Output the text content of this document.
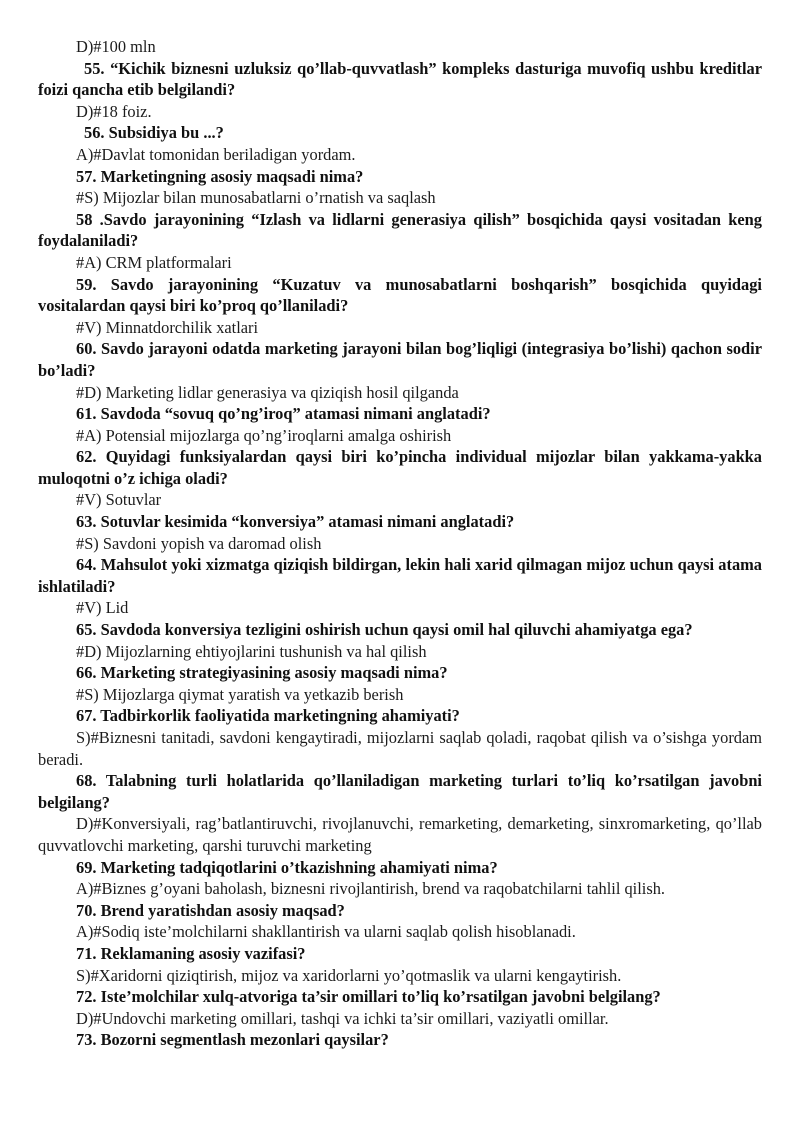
D)#100 mln
55. “Kichik biznesni uzluksiz qo’llab-quvvatlash” kompleks dasturiga muvofiq ushbu kreditlar foizi qancha etib belgilandi?
D)#18 foiz.
56. Subsidiya bu ...?
A)#Davlat tomonidan beriladigan yordam.
57. Marketingning asosiy maqsadi nima?
#S) Mijozlar bilan munosabatlarni o’rnatish va saqlash
58 .Savdo jarayonining “Izlash va lidlarni generasiya qilish” bosqichida qaysi vositadan keng foydalaniladi?
#A) CRM platformalari
59. Savdo jarayonining “Kuzatuv va munosabatlarni boshqarish” bosqichida quyidagi vositalardan qaysi biri ko’proq qo’llaniladi?
#V) Minnatdorchilik xatlari
60. Savdo jarayoni odatda marketing jarayoni bilan bog’liqligi (integrasiya bo’lishi) qachon sodir bo’ladi?
#D) Marketing lidlar generasiya va qiziqish hosil qilganda
61. Savdoda “sovuq qo’ng’iroq” atamasi nimani anglatadi?
#A) Potensial mijozlarga qo’ng’iroqlarni amalga oshirish
62. Quyidagi funksiyalardan qaysi biri ko’pincha individual mijozlar bilan yakkama-yakka muloqotni o’z ichiga oladi?
#V) Sotuvlar
63. Sotuvlar kesimida “konversiya” atamasi nimani anglatadi?
#S) Savdoni yopish va daromad olish
64. Mahsulot yoki xizmatga qiziqish bildirgan, lekin hali xarid qilmagan mijoz uchun qaysi atama ishlatiladi?
#V) Lid
65. Savdoda konversiya tezligini oshirish uchun qaysi omil hal qiluvchi ahamiyatga ega?
#D) Mijozlarning ehtiyojlarini tushunish va hal qilish
66. Marketing strategiyasining asosiy maqsadi nima?
#S) Mijozlarga qiymat yaratish va yetkazib berish
67. Tadbirkorlik faoliyatida marketingning ahamiyati?
S)#Biznesni tanitadi, savdoni kengaytiradi, mijozlarni saqlab qoladi, raqobat qilish va o’sishga yordam beradi.
68. Talabning turli holatlarida qo’llaniladigan marketing turlari to’liq ko’rsatilgan javobni belgilang?
D)#Konversiyali, rag’batlantiruvchi, rivojlanuvchi, remarketing, demarketing, sinxromarketing, qo’llab quvvatlovchi marketing, qarshi turuvchi marketing
69. Marketing tadqiqotlarini o’tkazishning ahamiyati nima?
A)#Biznes g’oyani baholash, biznesni rivojlantirish, brend va raqobatchilarni tahlil qilish.
70. Brend yaratishdan asosiy maqsad?
A)#Sodiq iste’molchilarni shakllantirish va ularni saqlab qolish hisoblanadi.
71. Reklamaning asosiy vazifasi?
S)#Xaridorni qiziqtirish, mijoz va xaridorlarni yo’qotmaslik va ularni kengaytirish.
72. Iste’molchilar xulq-atvoriga ta’sir omillari to’liq ko’rsatilgan javobni belgilang?
D)#Undovchi marketing omillari, tashqi va ichki ta’sir omillari, vaziyatli omillar.
73. Bozorni segmentlash mezonlari qaysilar?
